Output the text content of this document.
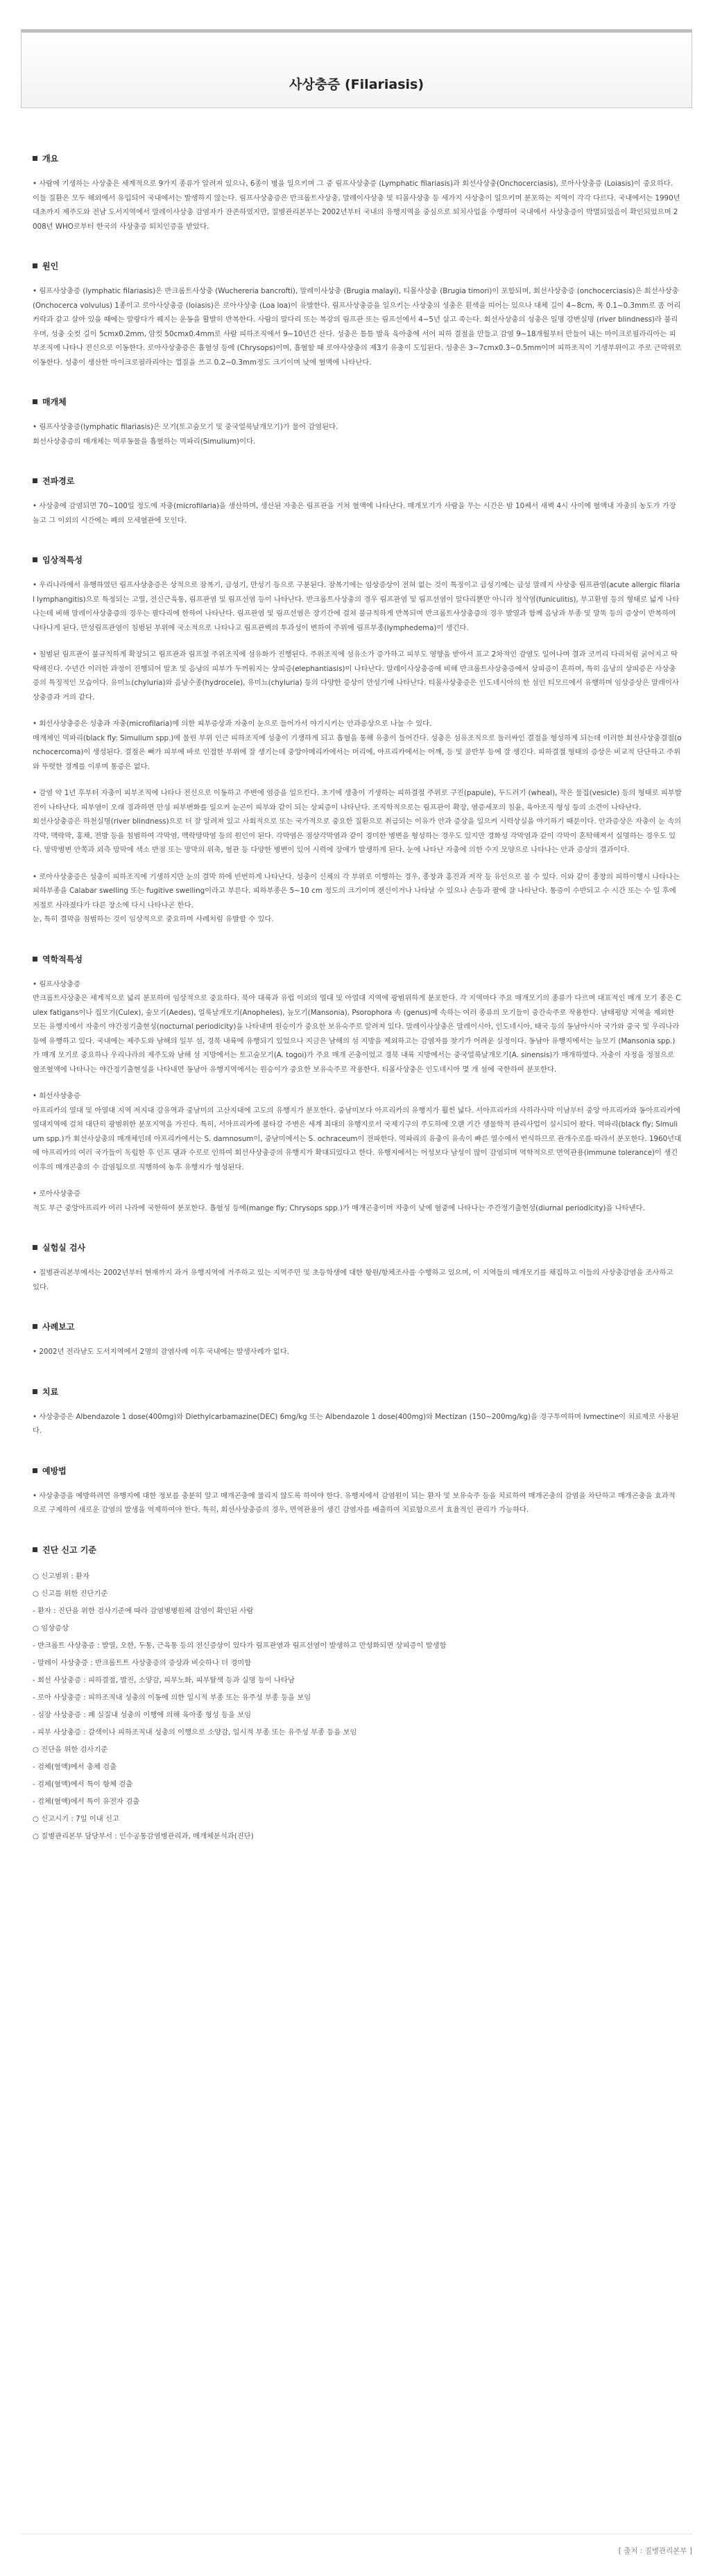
사상충증 (Filariasis)
개요
• 사람에 기생하는 사상충은 세계적으로 9가지 종류가 알려져 있으나, 6종이 병을 일으키며 그 중 림프사상충증 (Lymphatic filariasis)과 회선사상충(Onchocerciasis), 로아사상충증 (Loiasis)이 중요하다. 이들 질환은 모두 해외에서 유입되어 국내에서는 발생하지 않는다. 림프사상충증은 반크롭트사상충, 말레이사상충 및 티몰사상충 등 세가지 사상충이 일으키며 분포하는 지역이 각각 다르다. 국내에서는 1990년대초까지 제주도와 전남 도서지역에서 말레이사상충 감염자가 잔존하였지만, 질병관리본부는 2002년부터 국내의 유행지역을 중심으로 퇴치사업을 수행하여 국내에서 사상충증이 박멸되었음이 확인되었으며 2008년 WHO로부터 한국의 사상충증 퇴치인증을 받았다.
원인
• 림프사상충증 (lymphatic filariasis)은 반크롭트사상충 (Wuchereria bancrofti), 말레이사상충 (Brugia malayi), 티몰사상충 (Brugia timori)이 포함되며, 회선사상충증 (onchocerciasis)은 회선사상충 (Onchocerca volvulus) 1종이고 로아사상충증 (loiasis)은 로아사상충 (Loa loa)이 유발한다. 림프사상충증을 일으키는 사상충의 성충은 흰색을 띠어는 있으나 대체 길이 4~8cm, 폭 0.1~0.3mm로 좀 어리커락과 같고 살아 있을 때에는 말랑다가 꿰지는 운동을 활발히 반복한다. 사람의 말다리 또는 복강의 림프관 또는 림프선에서 4~5년 살고 죽는다. 회선사상충의 성충은 일명 강변실명 (river blindness)라 불리우며, 성충 숫컷 길이 5cmx0.2mm, 암컷 50cmx0.4mm로 사람 피하조직에서 9~10년간 산다. 성충은 틈틈 발육 육아충에 서어 피하 결절을 만들고 감염 9~18개월부터 만들어 내는 마이크로필라리아는 피부조직에 나타나 전신으로 이동한다. 로아사상충증은 흡혈성 등에 (Chrysops)이며, 흡혈할 때 로아사상충의 제3기 유충이 도입된다. 성충은 3~7cmx0.3~0.5mm이며 피하조직이 기생부위이고 주로 근막위로 이동한다. 성충이 생산한 마이크로필라리아는 껍질을 쓰고 0.2~0.3mm정도 크기이며 낮에 혈액에 나타난다.
매개체
• 림프사상충증(lymphatic filariasis)은 모기(토고숲모기 및 중국얼룩날개모기)가 물어 감염된다.
회선사상충증의 매개체는 먹루동물을 흡혈하는 먹파리(Simulium)이다.
전파경로
• 사상충에 감염되면 70~100일 정도에 자충(microfilaria)을 생산하며, 생산된 자충은 림프관을 거쳐 혈액에 나타난다. 매개모기가 사람을 무는 시간은 밤 10쎄서 새벽 4시 사이에 혈액내 자충의 농도가 가장 높고 그 이외의 시간에는 폐의 모세혈관에 모인다.
임상적특성
• 우리나라에서 유행하였던 림프사상충증은 상적으로 잠복기, 급성기, 만성기 등으로 구분된다. 잠복기에는 임상증상이 전혀 없는 것이 특징이고 급성기에는 급성 말레지 사상충 림프관염(acute allergic filarial lymphangitis)으로 특정되는 고열, 전신근육통, 림프관염 및 림프선염 등이 나타난다. 반크롭트사상충의 경우 림프관염 및 림프선염이 말다리뿐만 아니라 정삭염(funiculitis), 부고환염 등의 형태로 넓게 나타나는데 비해 말레이사상충증의 경우는 팔다리에 한하여 나타난다. 림프관염 및 림프선염은 장기간에 걸쳐 불규칙하게 반복되며 반크롭트사상충증의 경우 발열과 함께 음낭과 부종 및 말뚝 등의 증상이 반복하여 나타나게 된다. 만성림프관염이 침범된 부위에 국소적으로 나타나고 림프관벽의 투과성이 변하여 주위에 림프부종(lymphedema)이 생긴다.
• 침범된 림프관이 불규칙하게 확장되고 림프관과 림프절 주위조직에 섬유화가 진행된다. 주위조직에 섬유소가 증가하고 피부도 영향을 받아서 표고 2차적인 감염도 일어나며 결과 코끼리 다리처럼 굵어지고 딱딱해진다. 수년간 이러한 과정이 진행되어 말초 및 음낭의 피부가 두꺼워지는 상피증(elephantiasis)이 나타난다. 말레이사상충증에 비해 반크롭트사상충증에서 상피증이 흔하며, 특히 음낭의 상피증은 사상충증의 특징적인 모습이다. 유미뇨(chyluria)와 음낭수종(hydrocele), 유미뇨(chyluria) 등의 다양한 증상이 만성기에 나타난다. 티몰사상충증은 인도네시아의 한 섬인 티모르에서 유행하며 임상증상은 말레이사상충증과 거의 같다.
• 회선사상충증은 성충과 자충(microfilaria)에 의한 피부증상과 자충이 눈으로 들어가서 야기시키는 안과증상으로 나눌 수 있다.
매개체인 먹파리(black fly: Simulium spp.)에 물린 부위 인근 피하조직에 성충이 기생하게 되고 흡혈을 통해 유충이 들어간다. 성충은 섬유조직으로 둘러싸인 결절을 형성하게 되는데 이러한 회선사상충결절(onchocercoma)이 생성된다. 결절은 뼈가 피부에 바로 인접한 부위에 잘 생기는데 중앙아메리카에서는 머리에, 아프리카에서는 어깨, 등 및 골반부 등에 잘 생긴다. 피하결절 형태의 증상은 비교적 단단하고 주위와 뚜렷한 경계를 이루며 통증은 없다.
• 감염 약 1년 후부터 자충이 피부조직에 나타나 전신으로 이동하고 주변에 염증을 일으킨다. 초기에 생충이 기생하는 피하결절 주위로 구진(papule), 두드러기 (wheal), 작은 물집(vesicle) 등의 형태로 피부발진이 나타난다. 피부염이 오래 경과하면 만성 피부변화를 일으켜 눈곤이 피부와 같이 되는 상피증이 나타난다. 조직학적으로는 림프관이 확장, 염증세포의 침윤, 육아조직 형성 등의 소견이 나타난다.
회선사상충증은 하천실명(river blindness)으로 더 잘 알려져 있고 사회적으로 또는 국가적으로 중요한 질환으로 취급되는 이유가 안과 증상을 일으켜 시력상실을 야기하기 때문이다. 안과증상은 자충이 눈 속의 각막, 맥락막, 홍채, 전방 등을 침범하여 각막염, 맥락망막염 등의 원인이 된다. 각막염은 점상각막염과 같이 경미한 병변을 형성하는 경우도 있지만 경화성 각막염과 같이 각막이 혼탁해져서 실명하는 경우도 있다. 망막병변 안쪽과 외측 망막에 색소 반점 또는 망막의 위축, 혈관 등 다양한 병변이 있어 시력에 장애가 발생하게 된다. 눈에 나타난 자충에 의한 수지 모양으로 나타나는 안과 증상의 결과이다.
• 로아사상충증은 성충이 피하조직에 기생하지만 눈의 결막 하에 빈번하게 나타난다. 성충이 신체의 각 부위로 이행하는 경우, 종창과 홍진과 저작 등 유인으로 볼 수 있다. 이와 같이 종창의 피하이행시 나타나는 피하부종을 Calabar swelling 또는 fugitive swelling이라고 부른다. 피하부종은 5~10 cm 정도의 크기이며 젠신이거나 나타날 수 있으나 손등과 팔에 잘 나타난다. 통증이 수반되고 수 시간 또는 수 일 후에 저절로 사라졌다가 다른 장소에 다시 나타나곤 한다.
눈, 특히 결막을 침범하는 것이 임상적으로 중요하며 사례처럼 유발할 수 있다.
역학적특성
• 림프사상충증
반크롭트사상충은 세계적으로 넓리 분포하며 임상적으로 중요하다. 북아 대륙과 유럽 이외의 열대 및 아열대 지역에 광범위하게 분포한다. 각 지역마다 주요 매개모기의 종류가 다르며 대표적인 매개 모기 종은 Culex fatigans이나 집모기(Culex), 숲모기(Aedes), 얼룩날개모기(Anopheles), 늪모기(Mansonia), Psorophora 속 (genus)에 속하는 여러 종류의 모기들이 중간숙주로 작용한다. 남태평양 지역을 제외한 모든 유행지에서 자충이 야간정기출현성(nocturnal periodicity)을 나타내며 원승이가 중요한 보유숙주로 알려져 있다. 말레이사상충은 말레이시아, 인도네시아, 태국 등의 동남아시아 국가와 중국 및 우리나라 등에 유행하고 있다. 국내에는 제주도와 남해의 일부 섬, 경북 내륙에 유행되기 있었으나 지금은 남해의 섬 지방을 제외하고는 감염자를 찾기가 어려운 실정이다. 동남아 유행지에서는 늪모기 (Mansonia spp.)가 매개 모기로 중요하나 우리나라의 제주도와 남해 섬 지방에서는 토고숲모기(A. togoi)가 주요 매개 곤충이었고 경북 내륙 지방에서는 중국얼룩날개모기(A. sinensis)가 매개하였다. 자충이 자정을 정점으로 혈조혈액에 나타나는 야간정기출현성을 나타내면 동남아 유행지역에서는 원승이가 중요한 보유숙주로 작용한다. 티몰사상충은 인도네시아 몇 개 섬에 국한하여 분포한다.
• 회선사상충증
아프리카의 열대 및 아열대 지역 저지대 강유역과 중남미의 고산지대에 고도의 유행지가 분포한다. 중남미보다 아프리카의 유행지가 훨씬 넓다. 서아프리카의 사하라사막 이남부터 중앙 아프리카와 동아프리카에 열대지역에 걸쳐 대단히 광범위한 분포지역을 가진다. 특히, 서아프리카에 볼타강 주변은 세계 최대의 유행지로서 국제기구의 주도하에 오랜 기간 생물학적 관리사업이 실시되어 왔다. 먹파리(black fly; Simulium spp.)가 회선사상충의 매개체인데 아프리카에서는 S. damnosum이, 중남미에서는 S. ochraceum이 전파한다. 먹파리의 유충이 유속이 빠른 열수에서 번식하므로 관개수로를 따라서 분포한다. 1960년대에 아프리카의 여러 국가들이 독립한 후 인프 댐과 수로로 인하여 회선사상충증의 유행지가 확대되었다고 한다. 유행지에서는 어성보다 남성이 많이 감염되며 역학적으로 면역관용(immune tolerance)이 생긴 이후의 매개곤충의 수 감염됨으로 직행하여 농후 유행지가 형성된다.
• 로아사상충증
적도 부근 중앙아프리카 여러 나라에 국한하여 분포한다. 흡혈성 등에(mange fly; Chrysops spp.)가 매개곤충이며 자충이 낮에 혈중에 나타나는 주간정기출현성(diurnal periodicity)을 나타낸다.
실험실 검사
• 질병관리본부에서는 2002년부터 현재까지 과거 유행지역에 거주하고 있는 지역주민 및 초등학생에 대한 항원/항체조사를 수행하고 있으며, 이 지역들의 매개모기를 채집하고 이들의 사상충감염을 조사하고 있다.
사례보고
• 2002년 전라남도 도서지역에서 2명의 감염사례 이후 국내에는 발생사례가 없다.
치료
• 사상충증은 Albendazole 1 dose(400mg)와 Diethylcarbamazine(DEC) 6mg/kg 또는 Albendazole 1 dose(400mg)와 Mectizan (150~200mg/kg)을 경구투여하며 Ivmectine이 치료제로 사용된다.
예방법
• 사상충증을 예방하려면 유행지에 대한 정보를 충분히 알고 매개곤충에 물리지 않도록 하여야 한다. 유행지에서 감염원이 되는 환자 및 보유숙주 등을 치료하여 매개곤충의 감염을 차단하고 매개곤충을 효과적으로 구제하여 새로운 감염의 발생을 억제하여야 한다. 특히, 회선사상충증의 경우, 면역관용이 생긴 감염자를 배출하여 치료함으로서 효율적인 관리가 가능하다.
진단 신고 기준
○ 신고범위 : 환자
○ 신고를 위한 진단기준
- 환자 : 진단을 위한 검사기준에 따라 감염병병원체 감염이 확인된 사람
○ 임상증상
- 반크롭트 사상충증 : 발열, 오한, 두통, 근육통 등의 전신증상이 있다가 림프관염과 림프선염이 발생하고 만성화되면 상피증이 발생함
- 말레이 사상충증 : 반크롭트트 사상충증의 증상과 비슷하나 더 경미함
- 회선 사상충증 : 피하결절, 발진, 소양감, 피부노화, 피부탈색 등과 실명 등이 나타남
- 로아 사상충증 : 피하조직내 성충의 이동에 의한 일시적 부종 또는 유주성 부종 등을 보임
- 심장 사상충증 : 폐 실질내 성충의 이행에 의해 육아종 형성 등을 보임
- 피부 사상충증 : 갈색이나 피하조직내 성충의 이행으로 소양감, 일시적 부종 또는 유주성 부종 등을 보임
○ 진단을 위한 검사기준
- 검체(혈액)에서 충체 검출
- 검체(혈액)에서 특이 항체 검출
- 검체(혈액)에서 특이 유전자 검출
○ 신고시기 : 7일 이내 신고
○ 질병관리본부 담당부서 : 인수공통감염병관리과, 매개체분석과(진단)
[ 출처 : 질병관리본부 ]
